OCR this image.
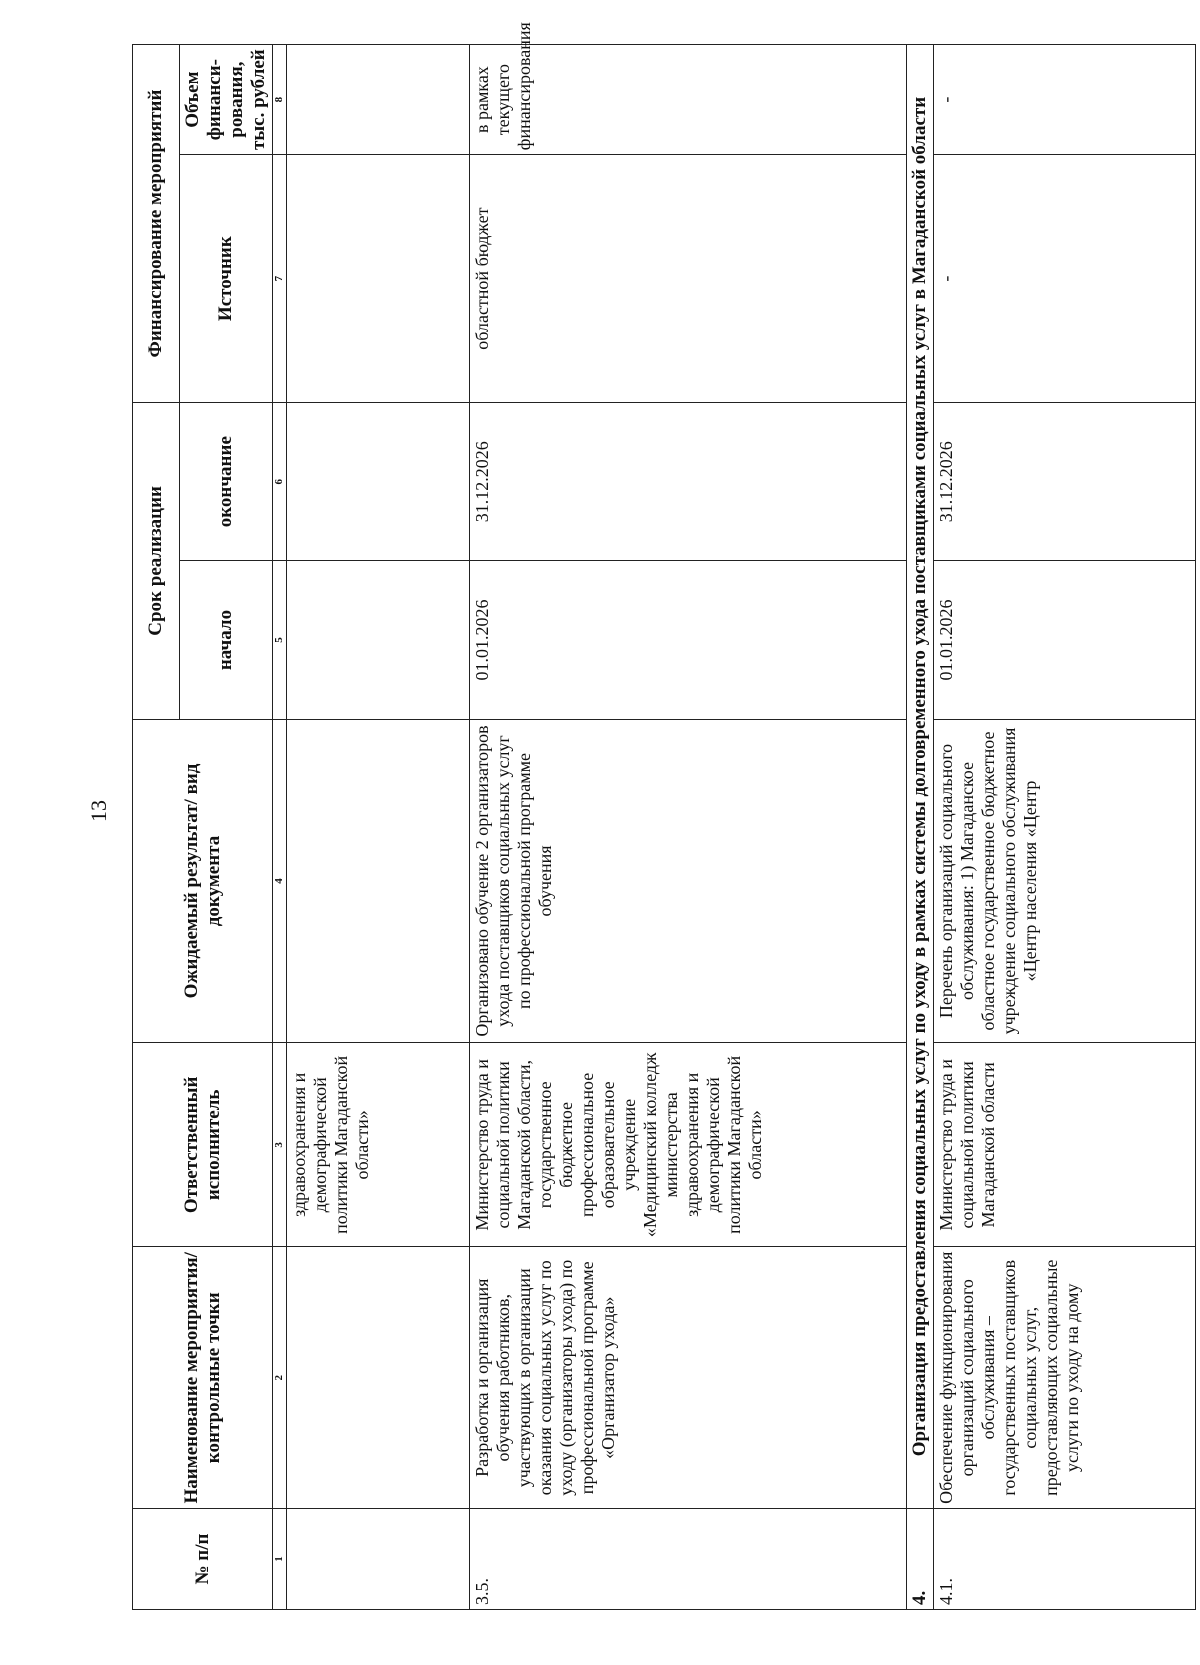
13
№ п/п	Наименование мероприятия/ контрольные точки	Ответственный исполнитель	Ожидаемый результат/ вид документа	Срок реализации		Финансирование мероприятий	
				начало	окончание	Источник	Объем финанси-рования, тыс. рублей
1	2	3	4	5	6	7	8
		здравоохранения и демографической политики Магаданской области»					
3.5.	Разработка и организация обучения работников, участвующих в организации оказания социальных услуг по уходу (организаторы ухода) по профессиональной программе «Организатор ухода»	Министерство труда и социальной политики Магаданской области, государственное бюджетное профессиональное образовательное учреждение «Медицинский колледж министерства здравоохранения и демографической политики Магаданской области»	Организовано обучение 2 организаторов ухода поставщиков социальных услуг по профессиональной программе обучения	01.01.2026	31.12.2026	областной бюджет	в рамках текущего финансирования
4.	Организация предоставления социальных услуг по уходу в рамках системы долговременного ухода поставщиками социальных услуг в Магаданской области						
4.1.	Обеспечение функционирования организаций социального обслуживания – государственных поставщиков социальных услуг, предоставляющих социальные услуги по уходу на дому	Министерство труда и социальной политики Магаданской области	Перечень организаций социального обслуживания: 1) Магаданское областное государственное бюджетное учреждение социального обслуживания «Центр населения «Центр	01.01.2026	31.12.2026	-	-
